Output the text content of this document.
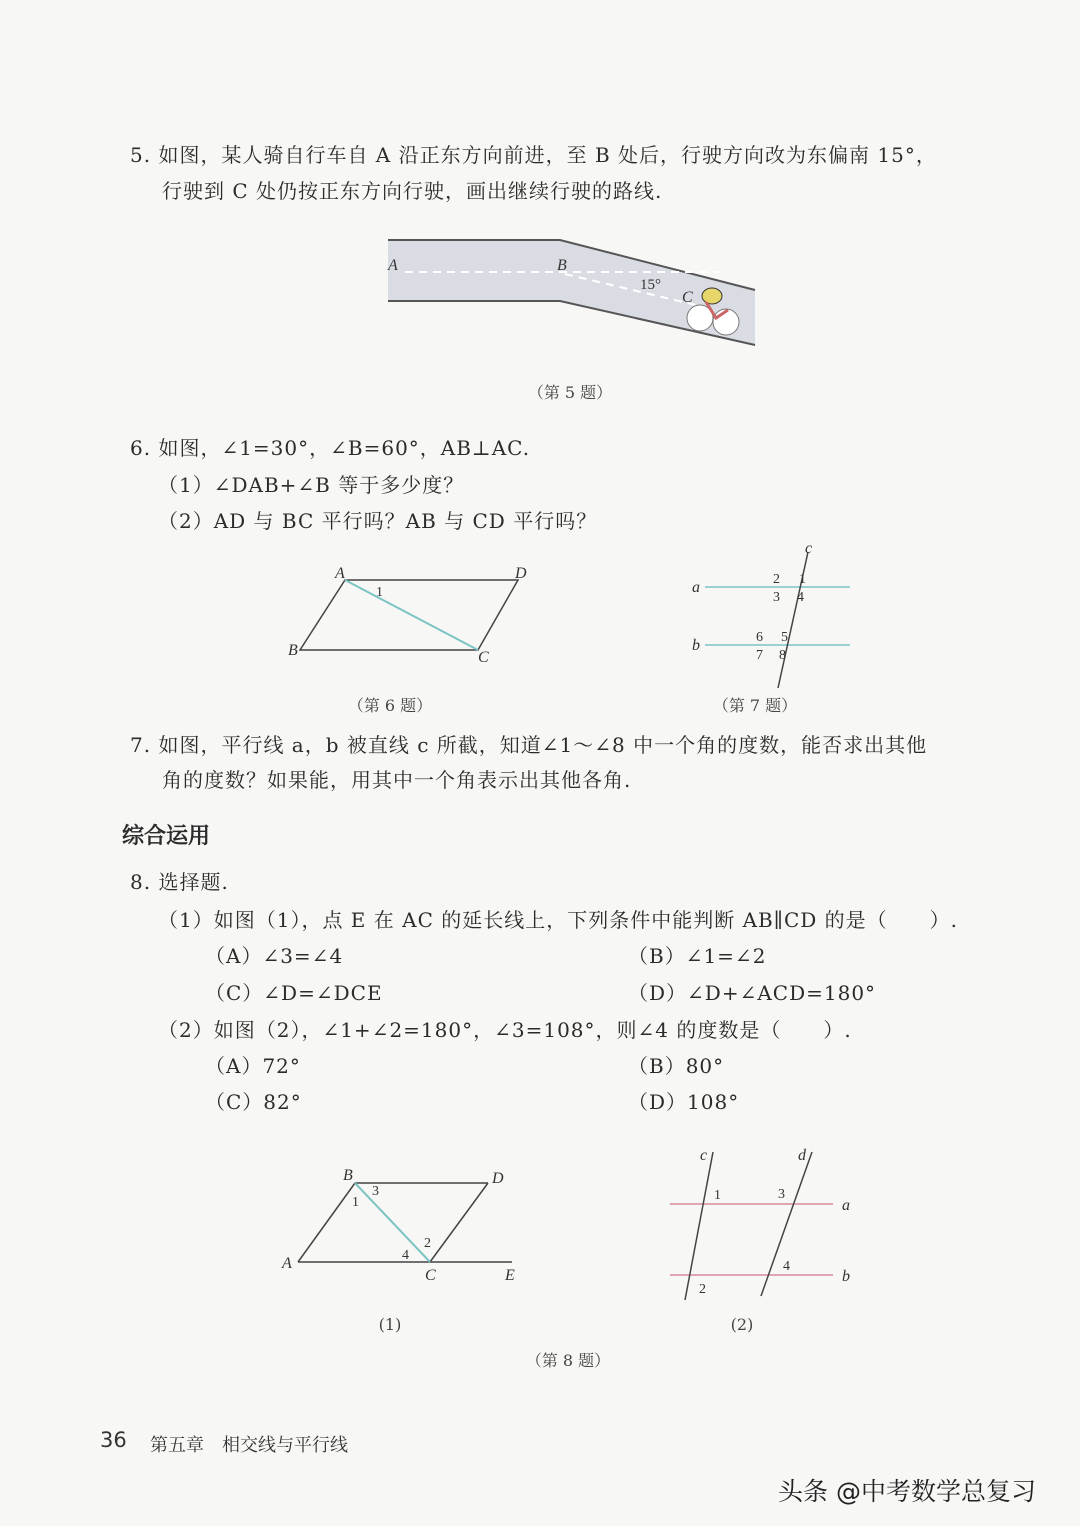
5. 如图，某人骑自行车自 A 沿正东方向前进，至 B 处后，行驶方向改为东偏南 15°，
行驶到 C 处仍按正东方向行驶，画出继续行驶的路线.
A	B
15°
C
A	D
B	C
1	a
b
c
2 1
3 4
6 5
7 8
B	D
A
C	E
1
3
2
4
c	d
a
b
1	3
2
4
（第 5 题）
6. 如图，∠1=30°，∠B=60°，AB⊥AC.
（1）∠DAB+∠B 等于多少度？
（2）AD 与 BC 平行吗？AB 与 CD 平行吗？
（第 6 题）	（第 7 题）
7. 如图，平行线 a，b 被直线 c 所截，知道∠1～∠8 中一个角的度数，能否求出其他
角的度数？如果能，用其中一个角表示出其他各角.
综合运用
8. 选择题.
（1）如图（1），点 E 在 AC 的延长线上，下列条件中能判断 AB∥CD 的是（　　）.
（A）∠3=∠4	（B）∠1=∠2
（C）∠D=∠DCE	（D）∠D+∠ACD=180°
（2）如图（2），∠1+∠2=180°，∠3=108°，则∠4 的度数是（　　）.
（A）72°	（B）80°
（C）82°	（D）108°
(1)	(2)
（第 8 题）
36 第五章　相交线与平行线
头条 @中考数学总复习
